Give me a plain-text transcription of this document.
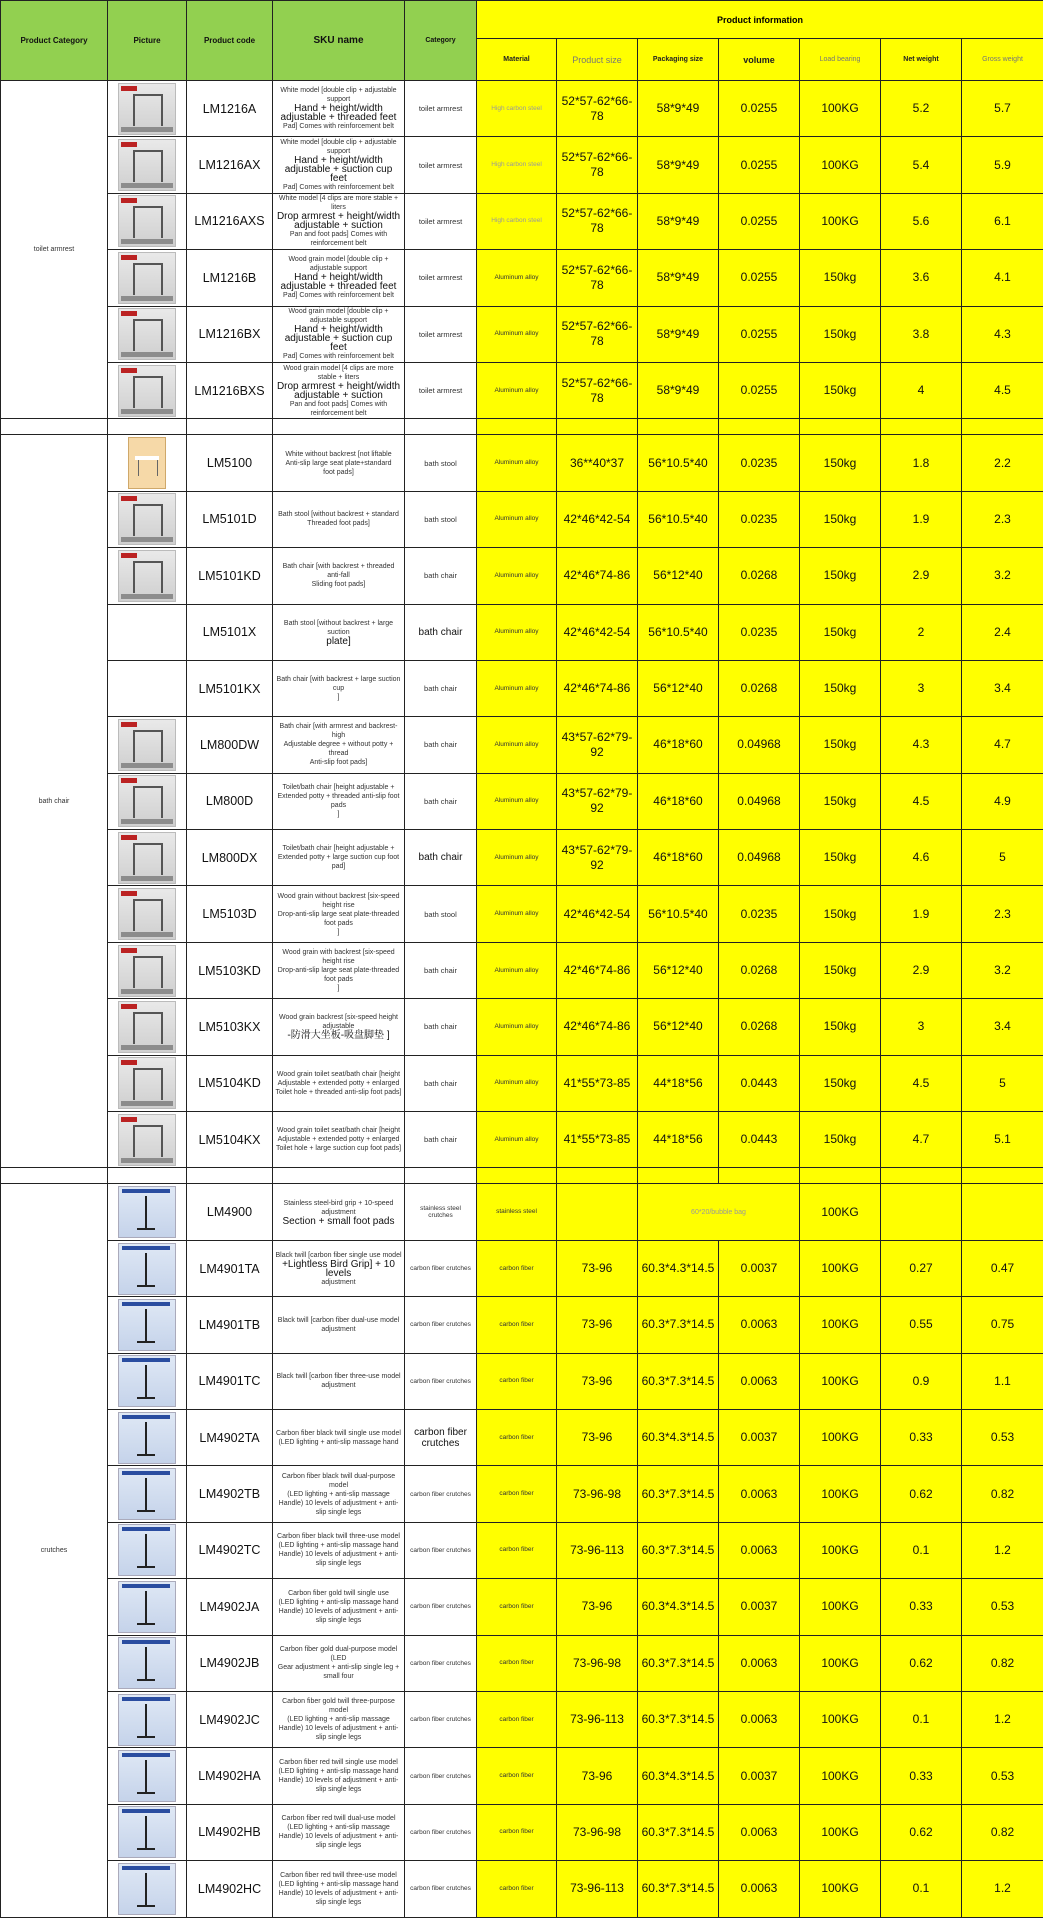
Product Category	Picture	Product code	SKU name	Category	Product information						
					Material	Product size	Packaging size	volume	Load bearing	Net weight	Gross weight
toilet armrest		LM1216A	White model [double clip + adjustable support
Hand + height/width adjustable + threaded feet
Pad] Comes with reinforcement belt	toilet armrest	High carbon steel	52*57-62*66-78	58*9*49	0.0255	100KG	5.2	5.7

		LM1216AX	White model [double clip + adjustable support
Hand + height/width adjustable + suction cup feet
Pad] Comes with reinforcement belt	toilet armrest	High carbon steel	52*57-62*66-78	58*9*49	0.0255	100KG	5.4	5.9

		LM1216AXS	White model [4 clips are more stable + liters
Drop armrest + height/width adjustable + suction
Pan and foot pads] Comes with reinforcement belt	toilet armrest	High carbon steel	52*57-62*66-78	58*9*49	0.0255	100KG	5.6	6.1

		LM1216B	Wood grain model [double clip + adjustable support
Hand + height/width adjustable + threaded feet
Pad] Comes with reinforcement belt	toilet armrest	Aluminum alloy	52*57-62*66-78	58*9*49	0.0255	150kg	3.6	4.1

		LM1216BX	Wood grain model [double clip + adjustable support
Hand + height/width adjustable + suction cup feet
Pad] Comes with reinforcement belt	toilet armrest	Aluminum alloy	52*57-62*66-78	58*9*49	0.0255	150kg	3.8	4.3

		LM1216BXS	Wood grain model [4 clips are more stable + liters
Drop armrest + height/width adjustable + suction
Pan and foot pads] Comes with reinforcement belt	toilet armrest	Aluminum alloy	52*57-62*66-78	58*9*49	0.0255	150kg	4	4.5

bath chair		LM5100	White without backrest [not liftable
Anti-slip large seat plate+standard
foot pads]	bath stool	Aluminum alloy	36**40*37	56*10.5*40	0.0235	150kg	1.8	2.2

		LM5101D	Bath stool [without backrest + standard
Threaded foot pads]	bath stool	Aluminum alloy	42*46*42-54	56*10.5*40	0.0235	150kg	1.9	2.3

		LM5101KD	Bath chair [with backrest + threaded anti-fall
Sliding foot pads]	bath chair	Aluminum alloy	42*46*74-86	56*12*40	0.0268	150kg	2.9	3.2
		LM5101X	Bath stool [without backrest + large suction
plate]	bath chair	Aluminum alloy	42*46*42-54	56*10.5*40	0.0235	150kg	2	2.4
		LM5101KX	Bath chair [with backrest + large suction cup
]	bath chair	Aluminum alloy	42*46*74-86	56*12*40	0.0268	150kg	3	3.4

		LM800DW	Bath chair [with armrest and backrest-high
Adjustable degree + without potty + thread
Anti-slip foot pads]	bath chair	Aluminum alloy	43*57-62*79-92	46*18*60	0.04968	150kg	4.3	4.7

		LM800D	Toilet/bath chair [height adjustable +
Extended potty + threaded anti-slip foot pads
]	bath chair	Aluminum alloy	43*57-62*79-92	46*18*60	0.04968	150kg	4.5	4.9

		LM800DX	Toilet/bath chair [height adjustable +
Extended potty + large suction cup foot pad]	bath chair	Aluminum alloy	43*57-62*79-92	46*18*60	0.04968	150kg	4.6	5

		LM5103D	Wood grain without backrest [six-speed height rise
Drop-anti-slip large seat plate-threaded foot pads
]	bath stool	Aluminum alloy	42*46*42-54	56*10.5*40	0.0235	150kg	1.9	2.3

		LM5103KD	Wood grain with backrest [six-speed height rise
Drop-anti-slip large seat plate-threaded foot pads
]	bath chair	Aluminum alloy	42*46*74-86	56*12*40	0.0268	150kg	2.9	3.2

		LM5103KX	Wood grain backrest [six-speed height adjustable
-防滑大坐板-吸盘脚垫 ]	bath chair	Aluminum alloy	42*46*74-86	56*12*40	0.0268	150kg	3	3.4

		LM5104KD	Wood grain toilet seat/bath chair [height
Adjustable + extended potty + enlarged
Toilet hole + threaded anti-slip foot pads]	bath chair	Aluminum alloy	41*55*73-85	44*18*56	0.0443	150kg	4.5	5

		LM5104KX	Wood grain toilet seat/bath chair [height
Adjustable + extended potty + enlarged
Toilet hole + large suction cup foot pads]	bath chair	Aluminum alloy	41*55*73-85	44*18*56	0.0443	150kg	4.7	5.1

crutches		LM4900	Stainless steel-bird grip + 10-speed adjustment
Section + small foot pads	stainless steel crutches	stainless steel		60*20/bubble bag		100KG		

		LM4901TA	Black twill [carbon fiber single use model
+Lightless Bird Grip] + 10 levels
adjustment	carbon fiber crutches	carbon fiber	73-96	60.3*4.3*14.5	0.0037	100KG	0.27	0.47

		LM4901TB	Black twill [carbon fiber dual-use model
adjustment	carbon fiber crutches	carbon fiber	73-96	60.3*7.3*14.5	0.0063	100KG	0.55	0.75

		LM4901TC	Black twill [carbon fiber three-use model
adjustment	carbon fiber crutches	carbon fiber	73-96	60.3*7.3*14.5	0.0063	100KG	0.9	1.1

		LM4902TA	Carbon fiber black twill single use model
(LED lighting + anti-slip massage hand	carbon fiber crutches	carbon fiber	73-96	60.3*4.3*14.5	0.0037	100KG	0.33	0.53

		LM4902TB	Carbon fiber black twill dual-purpose model
(LED lighting + anti-slip massage
Handle) 10 levels of adjustment + anti-slip single legs	carbon fiber crutches	carbon fiber	73-96-98	60.3*7.3*14.5	0.0063	100KG	0.62	0.82

		LM4902TC	Carbon fiber black twill three-use model
(LED lighting + anti-slip massage hand
Handle) 10 levels of adjustment + anti-slip single legs	carbon fiber crutches	carbon fiber	73-96-113	60.3*7.3*14.5	0.0063	100KG	0.1	1.2

		LM4902JA	Carbon fiber gold twill single use
(LED lighting + anti-slip massage hand
Handle) 10 levels of adjustment + anti-slip single legs	carbon fiber crutches	carbon fiber	73-96	60.3*4.3*14.5	0.0037	100KG	0.33	0.53

		LM4902JB	Carbon fiber gold dual-purpose model
(LED
Gear adjustment + anti-slip single leg + small four	carbon fiber crutches	carbon fiber	73-96-98	60.3*7.3*14.5	0.0063	100KG	0.62	0.82

		LM4902JC	Carbon fiber gold twill three-purpose model
(LED lighting + anti-slip massage
Handle) 10 levels of adjustment + anti-slip single legs	carbon fiber crutches	carbon fiber	73-96-113	60.3*7.3*14.5	0.0063	100KG	0.1	1.2

		LM4902HA	Carbon fiber red twill single use model
(LED lighting + anti-slip massage hand
Handle) 10 levels of adjustment + anti-slip single legs	carbon fiber crutches	carbon fiber	73-96	60.3*4.3*14.5	0.0037	100KG	0.33	0.53

		LM4902HB	Carbon fiber red twill dual-use model
(LED lighting + anti-slip massage
Handle) 10 levels of adjustment + anti-slip single legs	carbon fiber crutches	carbon fiber	73-96-98	60.3*7.3*14.5	0.0063	100KG	0.62	0.82

		LM4902HC	Carbon fiber red twill three-use model
(LED lighting + anti-slip massage hand
Handle) 10 levels of adjustment + anti-slip single legs	carbon fiber crutches	carbon fiber	73-96-113	60.3*7.3*14.5	0.0063	100KG	0.1	1.2
